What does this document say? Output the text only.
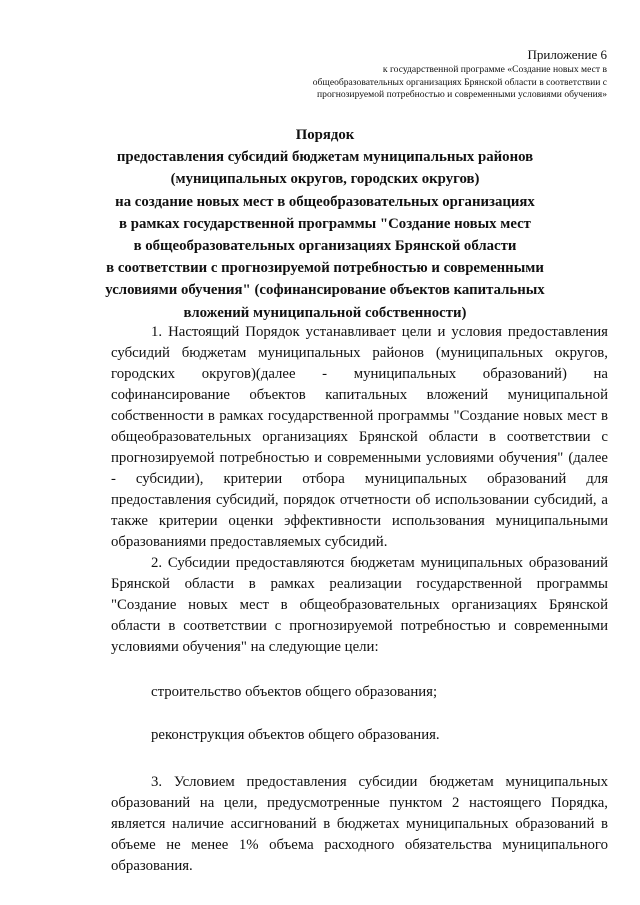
Приложение 6
к государственной программе «Создание новых мест в
общеобразовательных организациях Брянской области в соответствии с
прогнозируемой потребностью и современными условиями обучения»
Порядок
предоставления субсидий бюджетам муниципальных районов
(муниципальных округов, городских округов)
на создание новых мест в общеобразовательных организациях
в рамках государственной программы "Создание новых мест
в общеобразовательных организациях Брянской области
в соответствии с прогнозируемой потребностью и современными
условиями обучения" (софинансирование объектов капитальных
вложений муниципальной собственности)

1. Настоящий Порядок устанавливает цели и условия предоставления субсидий бюджетам муниципальных районов (муниципальных округов, городских округов)(далее - муниципальных образований) на софинансирование объектов капитальных вложений муниципальной собственности в рамках государственной программы "Создание новых мест в общеобразовательных организациях Брянской области в соответствии с прогнозируемой потребностью и современными условиями обучения" (далее - субсидии), критерии отбора муниципальных образований для предоставления субсидий, порядок отчетности об использовании субсидий, а также критерии оценки эффективности использования муниципальными образованиями предоставляемых субсидий.

2. Субсидии предоставляются бюджетам муниципальных образований Брянской области в рамках реализации государственной программы "Создание новых мест в общеобразовательных организациях Брянской области в соответствии с прогнозируемой потребностью и современными условиями обучения" на следующие цели:

строительство объектов общего образования;

реконструкция объектов общего образования.

3. Условием предоставления субсидии бюджетам муниципальных образований на цели, предусмотренные пунктом 2 настоящего Порядка, является наличие ассигнований в бюджетах муниципальных образований в объеме не менее 1% объема расходного обязательства муниципального образования.
